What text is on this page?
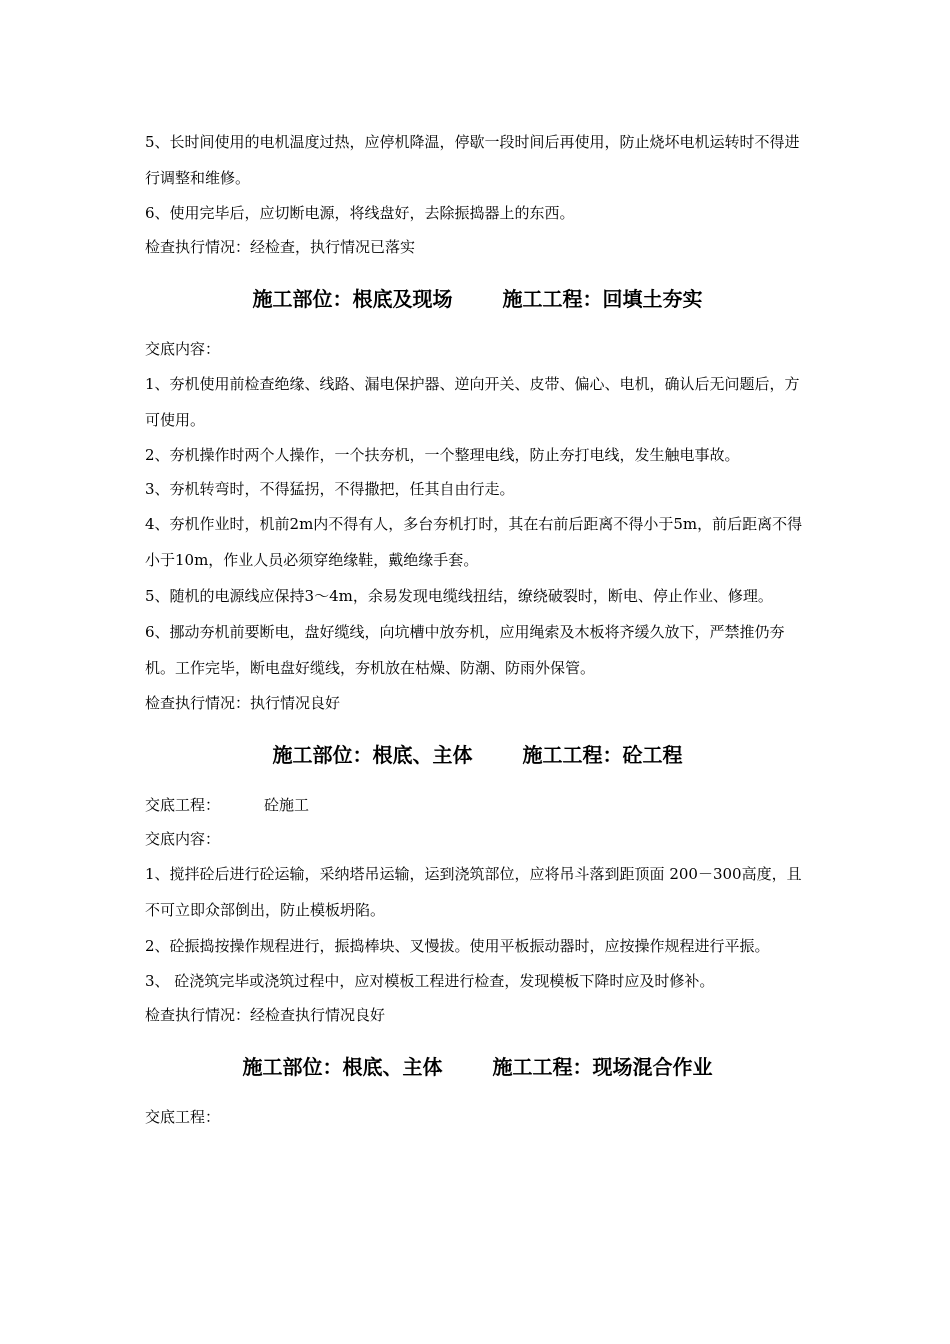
5、长时间使用的电机温度过热，应停机降温，停歇一段时间后再使用，防止烧坏电机运转时不得进行调整和维修。

6、使用完毕后，应切断电源，将线盘好，去除振捣器上的东西。

检查执行情况：经检查，执行情况已落实

施工部位：根底及现场	施工工程：回填土夯实

交底内容：

1、夯机使用前检查绝缘、线路、漏电保护器、逆向开关、皮带、偏心、电机，确认后无问题后，方可使用。

2、夯机操作时两个人操作，一个扶夯机，一个整理电线，防止夯打电线，发生触电事故。

3、夯机转弯时，不得猛拐，不得撒把，任其自由行走。

4、夯机作业时，机前2m内不得有人，多台夯机打时，其在右前后距离不得小于5m，前后距离不得小于10m，作业人员必须穿绝缘鞋，戴绝缘手套。

5、随机的电源线应保持3～4m，余易发现电缆线扭结，缭绕破裂时，断电、停止作业、修理。

6、挪动夯机前要断电，盘好缆线，向坑槽中放夯机，应用绳索及木板将齐缓久放下，严禁推仍夯机。工作完毕，断电盘好缆线，夯机放在枯燥、防潮、防雨外保管。

检查执行情况：执行情况良好

施工部位：根底、主体	施工工程：砼工程

交底工程：	砼施工

交底内容：

1、搅拌砼后进行砼运输，采纳塔吊运输，运到浇筑部位，应将吊斗落到距顶面 200－300高度，且不可立即众部倒出，防止模板坍陷。

2、砼振捣按操作规程进行，振捣棒块、叉慢拔。使用平板振动器时，应按操作规程进行平振。

3、 砼浇筑完毕或浇筑过程中，应对模板工程进行检查，发现模板下降时应及时修补。

检查执行情况：经检查执行情况良好

施工部位：根底、主体	施工工程：现场混合作业

交底工程：
